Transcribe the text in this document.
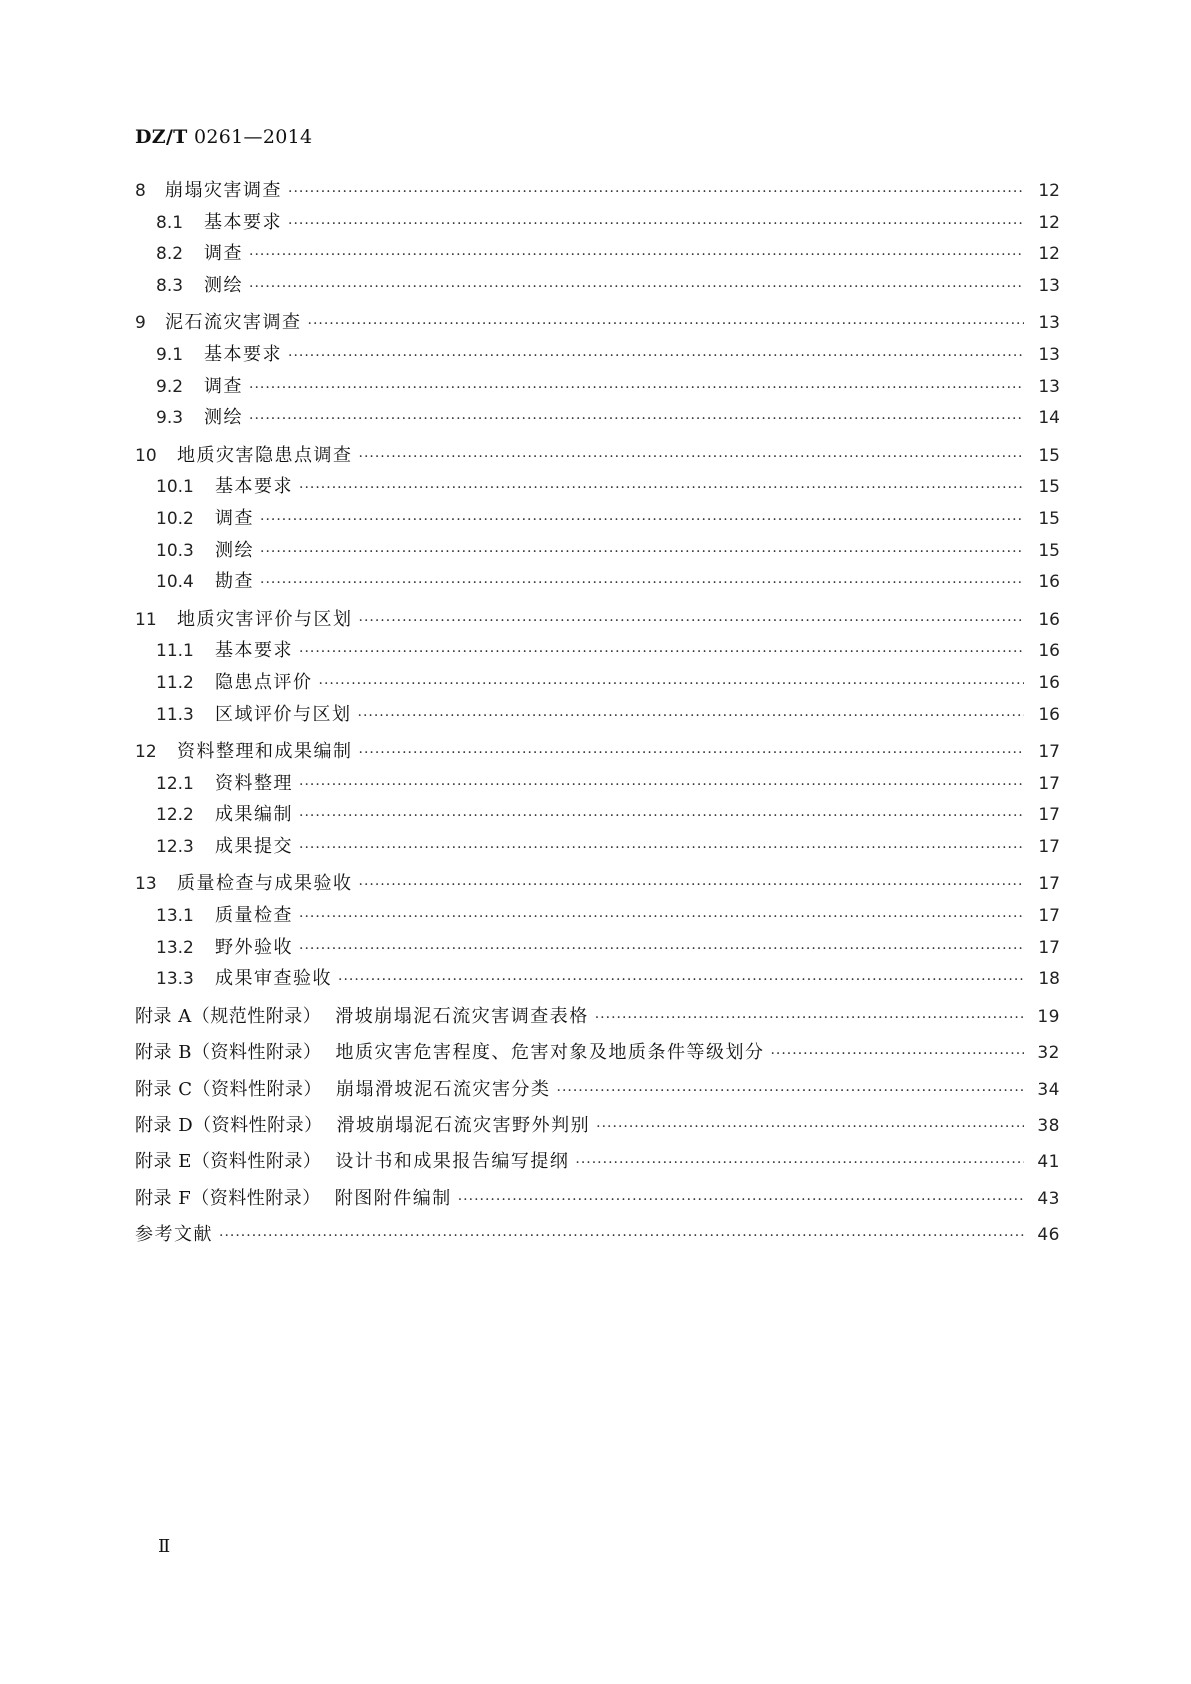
DZ/T 0261—2014
8	崩塌灾害调查 ·····	12
8.1	基本要求 ·····	12
8.2	调查 ·····	12
8.3	测绘 ·····	13
9	泥石流灾害调查 ·····	13
9.1	基本要求 ·····	13
9.2	调查 ·····	13
9.3	测绘 ·····	14
10	地质灾害隐患点调查 ·····	15
10.1	基本要求 ·····	15
10.2	调查 ·····	15
10.3	测绘 ·····	15
10.4	勘查 ·····	16
11	地质灾害评价与区划 ·····	16
11.1	基本要求 ·····	16
11.2	隐患点评价 ·····	16
11.3	区域评价与区划 ·····	16
12	资料整理和成果编制 ·····	17
12.1	资料整理 ·····	17
12.2	成果编制 ·····	17
12.3	成果提交 ·····	17
13	质量检查与成果验收 ·····	17
13.1	质量检查 ·····	17
13.2	野外验收 ·····	17
13.3	成果审查验收 ·····	18
附录 A（规范性附录） 滑坡崩塌泥石流灾害调查表格 ·····	19
附录 B（资料性附录） 地质灾害危害程度、危害对象及地质条件等级划分 ·····	32
附录 C（资料性附录） 崩塌滑坡泥石流灾害分类 ·····	34
附录 D（资料性附录） 滑坡崩塌泥石流灾害野外判别 ·····	38
附录 E（资料性附录） 设计书和成果报告编写提纲 ·····	41
附录 F（资料性附录） 附图附件编制 ·····	43
参考文献 ·····	46
Ⅱ
